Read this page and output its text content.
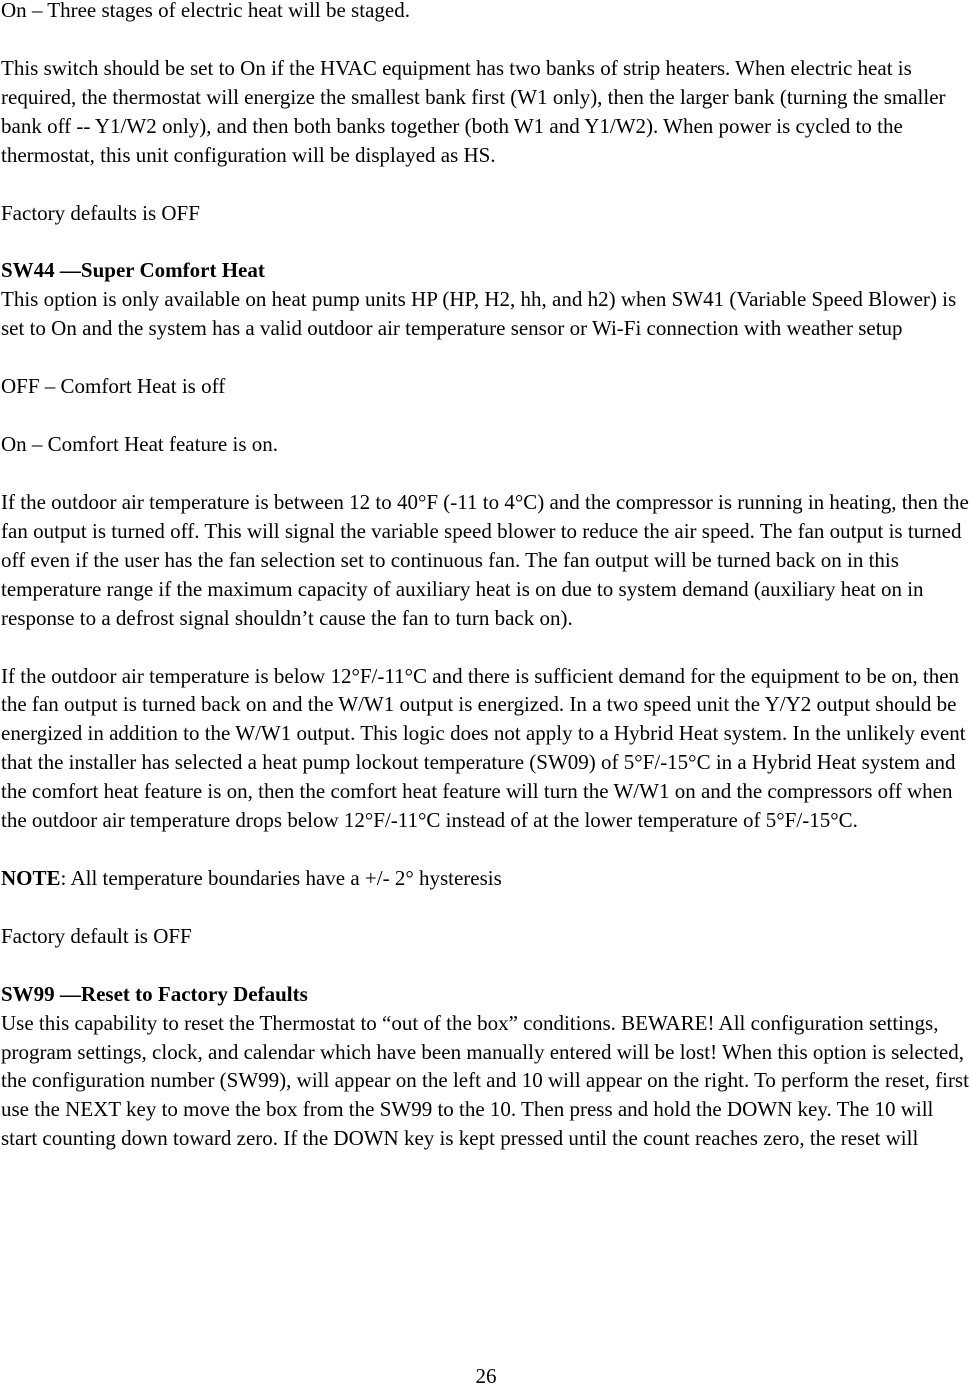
On – Three stages of electric heat will be staged.

This switch should be set to On if the HVAC equipment has two banks of strip heaters. When electric heat is required, the thermostat will energize the smallest bank first (W1 only), then the larger bank (turning the smaller bank off -- Y1/W2 only), and then both banks together (both W1 and Y1/W2). When power is cycled to the thermostat, this unit configuration will be displayed as HS.

Factory defaults is OFF

SW44 —Super Comfort Heat

This option is only available on heat pump units HP (HP, H2, hh, and h2) when SW41 (Variable Speed Blower) is set to On and the system has a valid outdoor air temperature sensor or Wi-Fi connection with weather setup

OFF – Comfort Heat is off

On – Comfort Heat feature is on.

If the outdoor air temperature is between 12 to 40°F (-11 to 4°C) and the compressor is running in heating, then the fan output is turned off. This will signal the variable speed blower to reduce the air speed. The fan output is turned off even if the user has the fan selection set to continuous fan. The fan output will be turned back on in this temperature range if the maximum capacity of auxiliary heat is on due to system demand (auxiliary heat on in response to a defrost signal shouldn’t cause the fan to turn back on).

If the outdoor air temperature is below 12°F/-11°C and there is sufficient demand for the equipment to be on, then the fan output is turned back on and the W/W1 output is energized. In a two speed unit the Y/Y2 output should be energized in addition to the W/W1 output. This logic does not apply to a Hybrid Heat system. In the unlikely event that the installer has selected a heat pump lockout temperature (SW09) of 5°F/-15°C in a Hybrid Heat system and the comfort heat feature is on, then the comfort heat feature will turn the W/W1 on and the compressors off when the outdoor air temperature drops below 12°F/-11°C instead of at the lower temperature of 5°F/-15°C.

NOTE: All temperature boundaries have a +/- 2° hysteresis

Factory default is OFF

SW99 —Reset to Factory Defaults

Use this capability to reset the Thermostat to “out of the box” conditions. BEWARE! All configuration settings, program settings, clock, and calendar which have been manually entered will be lost! When this option is selected, the configuration number (SW99), will appear on the left and 10 will appear on the right. To perform the reset, first use the NEXT key to move the box from the SW99 to the 10. Then press and hold the DOWN key. The 10 will start counting down toward zero. If the DOWN key is kept pressed until the count reaches zero, the reset will

26
